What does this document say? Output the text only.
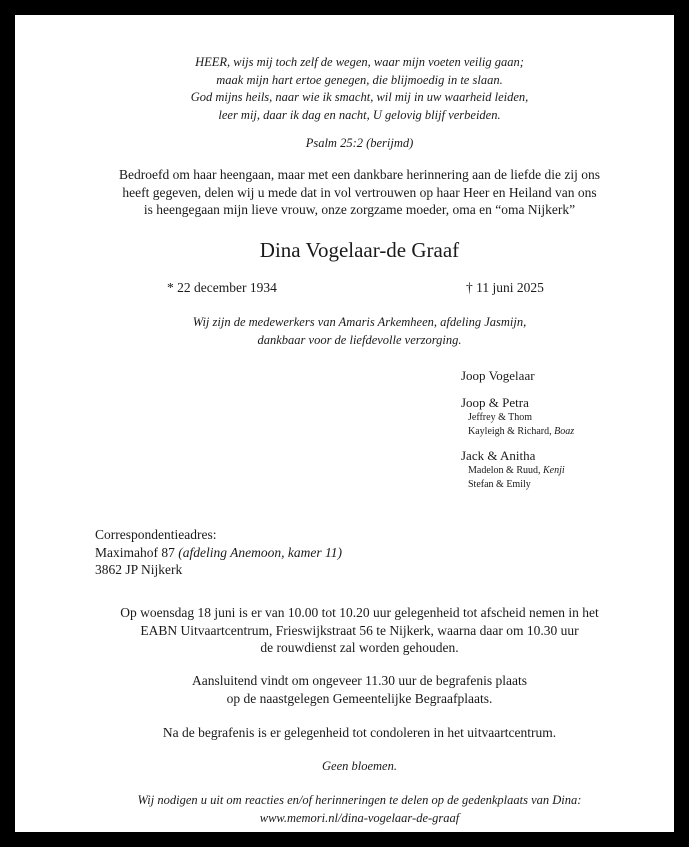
HEER, wijs mij toch zelf de wegen, waar mijn voeten veilig gaan;
maak mijn hart ertoe genegen, die blijmoedig in te slaan.
God mijns heils, naar wie ik smacht, wil mij in uw waarheid leiden,
leer mij, daar ik dag en nacht, U gelovig blijf verbeiden.
Psalm 25:2 (berijmd)
Bedroefd om haar heengaan, maar met een dankbare herinnering aan de liefde die zij ons
heeft gegeven, delen wij u mede dat in vol vertrouwen op haar Heer en Heiland van ons
is heengegaan mijn lieve vrouw, onze zorgzame moeder, oma en “oma Nijkerk”
Dina Vogelaar-de Graaf
* 22 december 1934	† 11 juni 2025
Wij zijn de medewerkers van Amaris Arkemheen, afdeling Jasmijn,
dankbaar voor de liefdevolle verzorging.
Joop Vogelaar
Joop & Petra
Jeffrey & Thom
Kayleigh & Richard, Boaz
Jack & Anitha
Madelon & Ruud, Kenji
Stefan & Emily
Correspondentieadres:
Maximahof 87 (afdeling Anemoon, kamer 11)
3862 JP Nijkerk
Op woensdag 18 juni is er van 10.00 tot 10.20 uur gelegenheid tot afscheid nemen in het
EABN Uitvaartcentrum, Frieswijkstraat 56 te Nijkerk, waarna daar om 10.30 uur
de rouwdienst zal worden gehouden.
Aansluitend vindt om ongeveer 11.30 uur de begrafenis plaats
op de naastgelegen Gemeentelijke Begraafplaats.
Na de begrafenis is er gelegenheid tot condoleren in het uitvaartcentrum.
Geen bloemen.
Wij nodigen u uit om reacties en/of herinneringen te delen op de gedenkplaats van Dina:
www.memori.nl/dina-vogelaar-de-graaf
